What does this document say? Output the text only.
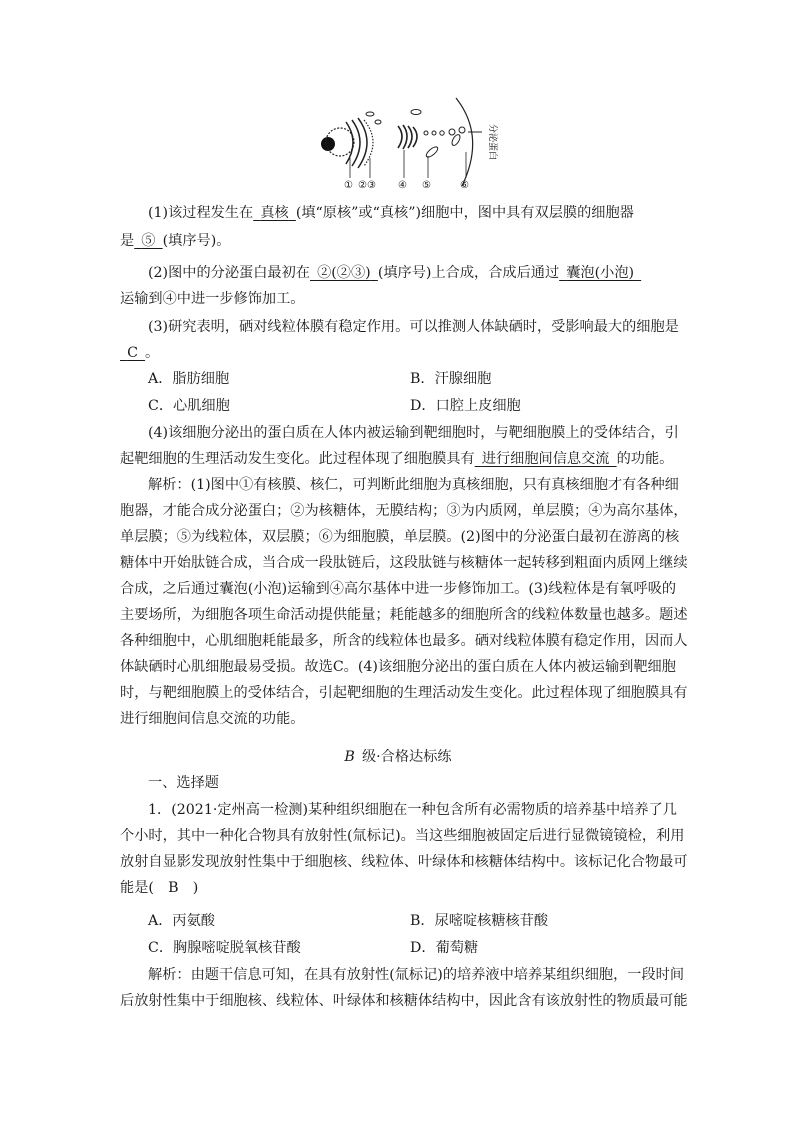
① ②③ ④ ⑤	⑥
分泌蛋白
(1)该过程发生在  真核  (填“原核”或“真核”)细胞中，图中具有双层膜的细胞器
是  ⑤  (填序号)。
(2)图中的分泌蛋白最初在  ②(②③)  (填序号)上合成，合成后通过  囊泡(小泡) 
运输到④中进一步修饰加工。
(3)研究表明，硒对线粒体膜有稳定作用。可以推测人体缺硒时，受影响最大的细胞是
 C  。
A．脂肪细胞	B．汗腺细胞
C．心肌细胞	D．口腔上皮细胞
(4)该细胞分泌出的蛋白质在人体内被运输到靶细胞时，与靶细胞膜上的受体结合，引
起靶细胞的生理活动发生变化。此过程体现了细胞膜具有  进行细胞间信息交流  的功能。
解析：(1)图中①有核膜、核仁，可判断此细胞为真核细胞，只有真核细胞才有各种细
胞器，才能合成分泌蛋白；②为核糖体，无膜结构；③为内质网，单层膜；④为高尔基体，
单层膜；⑤为线粒体，双层膜；⑥为细胞膜，单层膜。(2)图中的分泌蛋白最初在游离的核
糖体中开始肽链合成，当合成一段肽链后，这段肽链与核糖体一起转移到粗面内质网上继续
合成，之后通过囊泡(小泡)运输到④高尔基体中进一步修饰加工。(3)线粒体是有氧呼吸的
主要场所，为细胞各项生命活动提供能量；耗能越多的细胞所含的线粒体数量也越多。题述
各种细胞中，心肌细胞耗能最多，所含的线粒体也最多。硒对线粒体膜有稳定作用，因而人
体缺硒时心肌细胞最易受损。故选C。(4)该细胞分泌出的蛋白质在人体内被运输到靶细胞
时，与靶细胞膜上的受体结合，引起靶细胞的生理活动发生变化。此过程体现了细胞膜具有
进行细胞间信息交流的功能。
B  级·合格达标练
一、选择题
1．(2021·定州高一检测)某种组织细胞在一种包含所有必需物质的培养基中培养了几
个小时，其中一种化合物具有放射性(氚标记)。当这些细胞被固定后进行显微镜镜检，利用
放射自显影发现放射性集中于细胞核、线粒体、叶绿体和核糖体结构中。该标记化合物最可
能是(  B  )
A．丙氨酸	B．尿嘧啶核糖核苷酸
C．胸腺嘧啶脱氧核苷酸	D．葡萄糖
解析：由题干信息可知，在具有放射性(氚标记)的培养液中培养某组织细胞，一段时间
后放射性集中于细胞核、线粒体、叶绿体和核糖体结构中，因此含有该放射性的物质最可能
